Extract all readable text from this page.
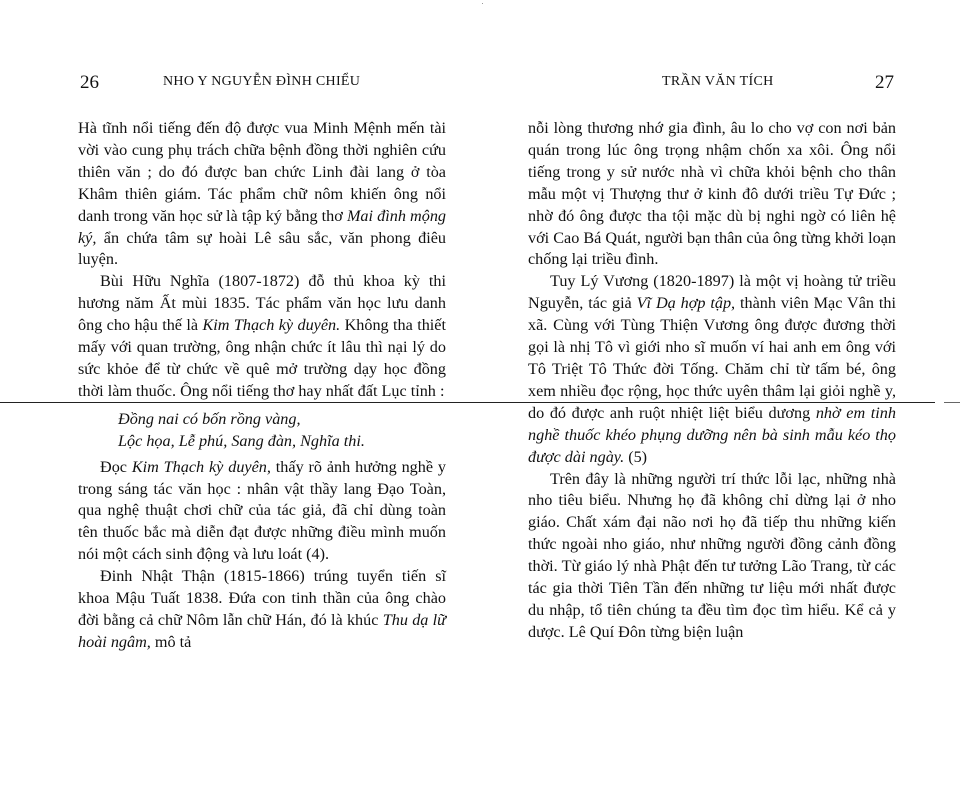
26	NHO Y NGUYỄN ĐÌNH CHIỂU	TRẦN VĂN TÍCH	27

Hà tĩnh nổi tiếng đến độ được vua Minh Mệnh mến tài vời vào cung phụ trách chữa bệnh đồng thời nghiên cứu thiên văn ; do đó được ban chức Linh đài lang ở tòa Khâm thiên giám. Tác phẩm chữ nôm khiến ông nổi danh trong văn học sử là tập ký bằng thơ Mai đình mộng ký, ẩn chứa tâm sự hoài Lê sâu sắc, văn phong điêu luyện.

Bùi Hữu Nghĩa (1807-1872) đỗ thủ khoa kỳ thi hương năm Ất mùi 1835. Tác phẩm văn học lưu danh ông cho hậu thế là Kim Thạch kỳ duyên. Không tha thiết mấy với quan trường, ông nhận chức ít lâu thì nại lý do sức khỏe để từ chức về quê mở trường dạy học đồng thời làm thuốc. Ông nổi tiếng thơ hay nhất đất Lục tỉnh :

Đồng nai có bốn rồng vàng,

Lộc họa, Lễ phú, Sang đàn, Nghĩa thi.

Đọc Kim Thạch kỳ duyên, thấy rõ ảnh hưởng nghề y trong sáng tác văn học : nhân vật thầy lang Đạo Toàn, qua nghệ thuật chơi chữ của tác giả, đã chỉ dùng toàn tên thuốc bắc mà diễn đạt được những điều mình muốn nói một cách sinh động và lưu loát (4).

Đinh Nhật Thận (1815-1866) trúng tuyển tiến sĩ khoa Mậu Tuất 1838. Đứa con tinh thần của ông chào đời bằng cả chữ Nôm lẫn chữ Hán, đó là khúc Thu dạ lữ hoài ngâm, mô tả

nỗi lòng thương nhớ gia đình, âu lo cho vợ con nơi bản quán trong lúc ông trọng nhậm chốn xa xôi. Ông nổi tiếng trong y sử nước nhà vì chữa khỏi bệnh cho thân mẫu một vị Thượng thư ở kinh đô dưới triều Tự Đức ; nhờ đó ông được tha tội mặc dù bị nghi ngờ có liên hệ với Cao Bá Quát, người bạn thân của ông từng khởi loạn chống lại triều đình.

Tuy Lý Vương (1820-1897) là một vị hoàng tử triều Nguyễn, tác giả Vĩ Dạ hợp tập, thành viên Mạc Vân thi xã. Cùng với Tùng Thiện Vương ông được đương thời gọi là nhị Tô vì giới nho sĩ muốn ví hai anh em ông với Tô Triệt Tô Thức đời Tống. Chăm chỉ từ tấm bé, ông xem nhiều đọc rộng, học thức uyên thâm lại giỏi nghề y, do đó được anh ruột nhiệt liệt biểu dương nhờ em tinh nghề thuốc khéo phụng dưỡng nên bà sinh mẫu kéo thọ được dài ngày. (5)

Trên đây là những người trí thức lỗi lạc, những nhà nho tiêu biểu. Nhưng họ đã không chỉ dừng lại ở nho giáo. Chất xám đại não nơi họ đã tiếp thu những kiến thức ngoài nho giáo, như những người đồng cảnh đồng thời. Từ giáo lý nhà Phật đến tư tưởng Lão Trang, từ các tác gia thời Tiên Tần đến những tư liệu mới nhất được du nhập, tổ tiên chúng ta đều tìm đọc tìm hiểu. Kể cả y dược. Lê Quí Đôn từng biện luận
